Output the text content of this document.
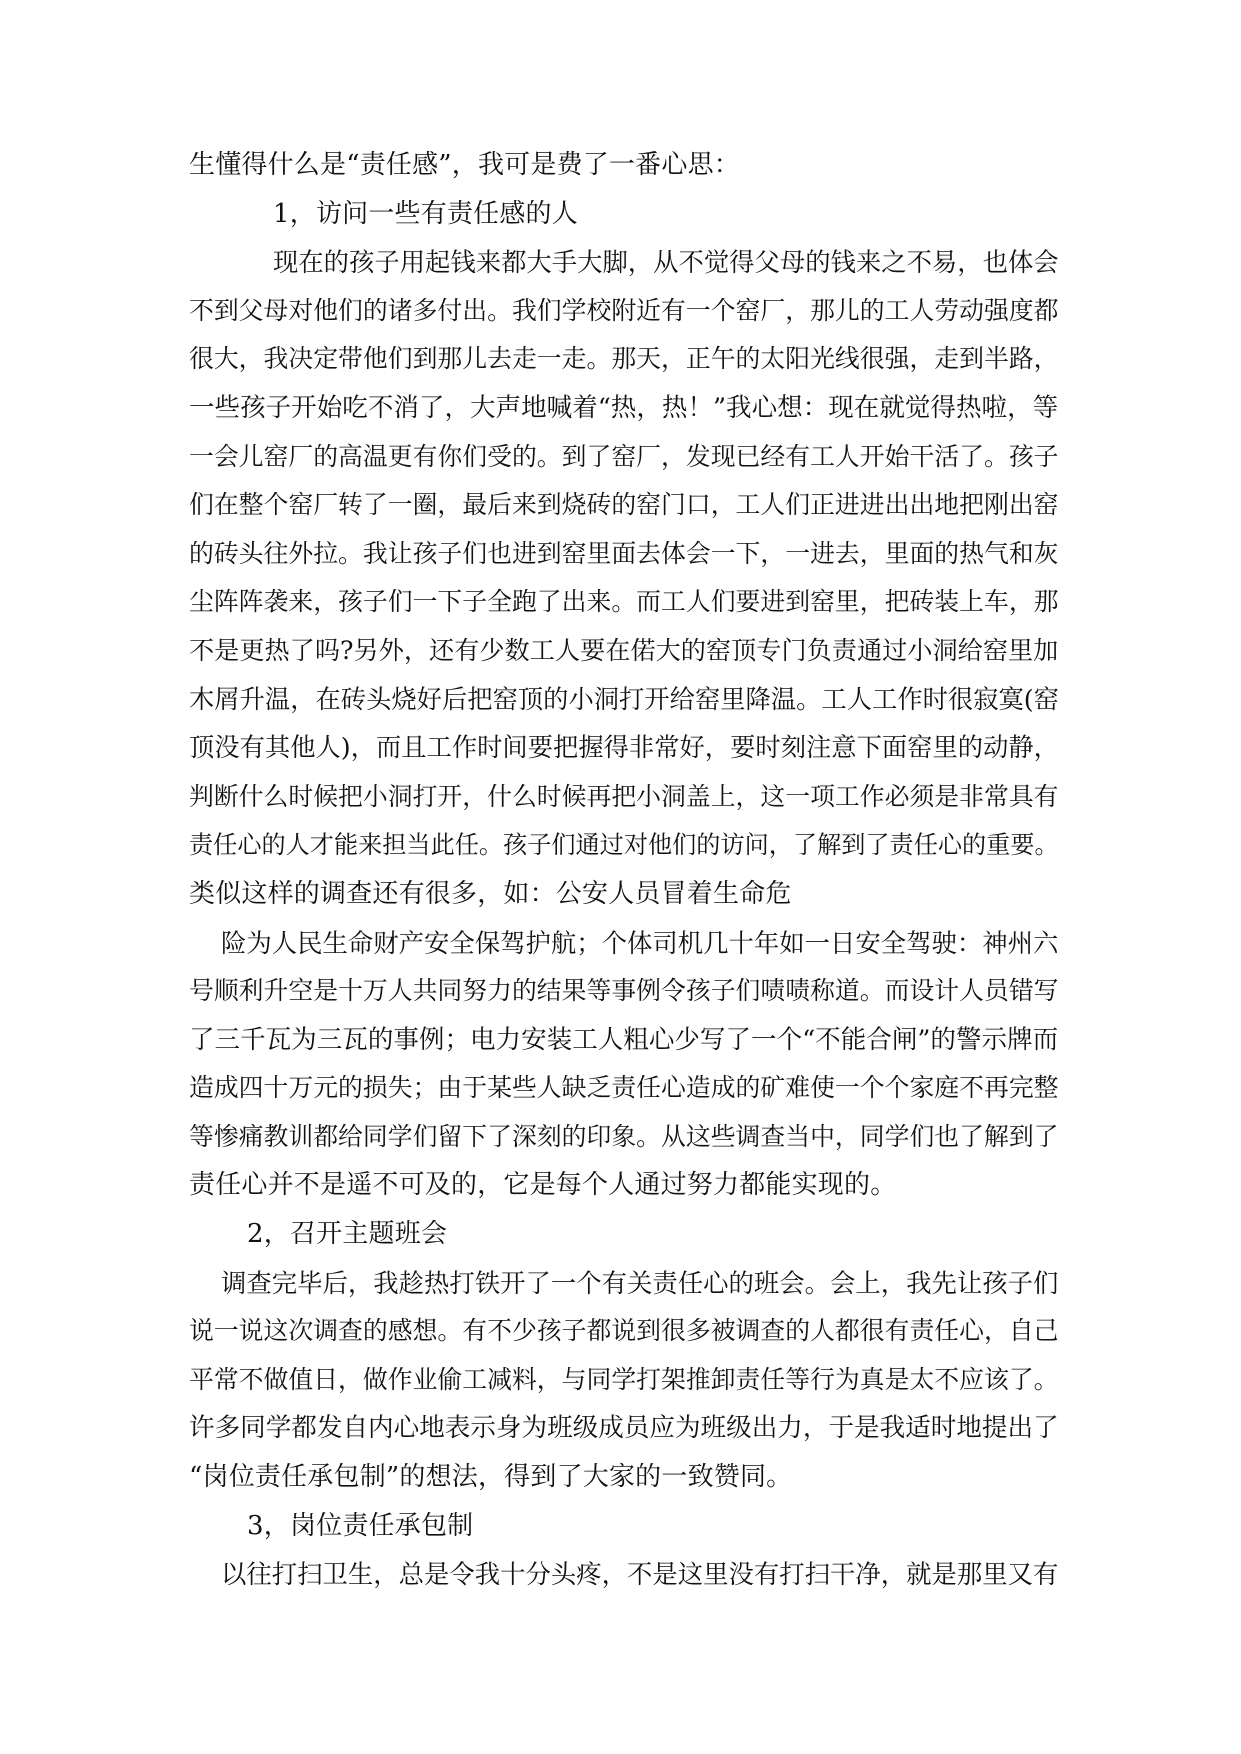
生懂得什么是“责任感”，我可是费了一番心思：
1，访问一些有责任感的人
现在的孩子用起钱来都大手大脚，从不觉得父母的钱来之不易，也体会
不到父母对他们的诸多付出。我们学校附近有一个窑厂，那儿的工人劳动强度都
很大，我决定带他们到那儿去走一走。那天，正午的太阳光线很强，走到半路，
一些孩子开始吃不消了，大声地喊着“热，热！”我心想：现在就觉得热啦，等
一会儿窑厂的高温更有你们受的。到了窑厂，发现已经有工人开始干活了。孩子
们在整个窑厂转了一圈，最后来到烧砖的窑门口，工人们正进进出出地把刚出窑
的砖头往外拉。我让孩子们也进到窑里面去体会一下，一进去，里面的热气和灰
尘阵阵袭来，孩子们一下子全跑了出来。而工人们要进到窑里，把砖装上车，那
不是更热了吗?另外，还有少数工人要在偌大的窑顶专门负责通过小洞给窑里加
木屑升温，在砖头烧好后把窑顶的小洞打开给窑里降温。工人工作时很寂寞(窑
顶没有其他人)，而且工作时间要把握得非常好，要时刻注意下面窑里的动静，
判断什么时候把小洞打开，什么时候再把小洞盖上，这一项工作必须是非常具有
责任心的人才能来担当此任。孩子们通过对他们的访问，了解到了责任心的重要。
类似这样的调查还有很多，如：公安人员冒着生命危
险为人民生命财产安全保驾护航；个体司机几十年如一日安全驾驶：神州六
号顺利升空是十万人共同努力的结果等事例令孩子们啧啧称道。而设计人员错写
了三千瓦为三瓦的事例；电力安装工人粗心少写了一个“不能合闸”的警示牌而
造成四十万元的损失；由于某些人缺乏责任心造成的矿难使一个个家庭不再完整
等惨痛教训都给同学们留下了深刻的印象。从这些调查当中，同学们也了解到了
责任心并不是遥不可及的，它是每个人通过努力都能实现的。
2，召开主题班会
调查完毕后，我趁热打铁开了一个有关责任心的班会。会上，我先让孩子们
说一说这次调查的感想。有不少孩子都说到很多被调查的人都很有责任心，自己
平常不做值日，做作业偷工减料，与同学打架推卸责任等行为真是太不应该了。
许多同学都发自内心地表示身为班级成员应为班级出力，于是我适时地提出了
“岗位责任承包制”的想法，得到了大家的一致赞同。
3，岗位责任承包制
以往打扫卫生，总是令我十分头疼，不是这里没有打扫干净，就是那里又有
